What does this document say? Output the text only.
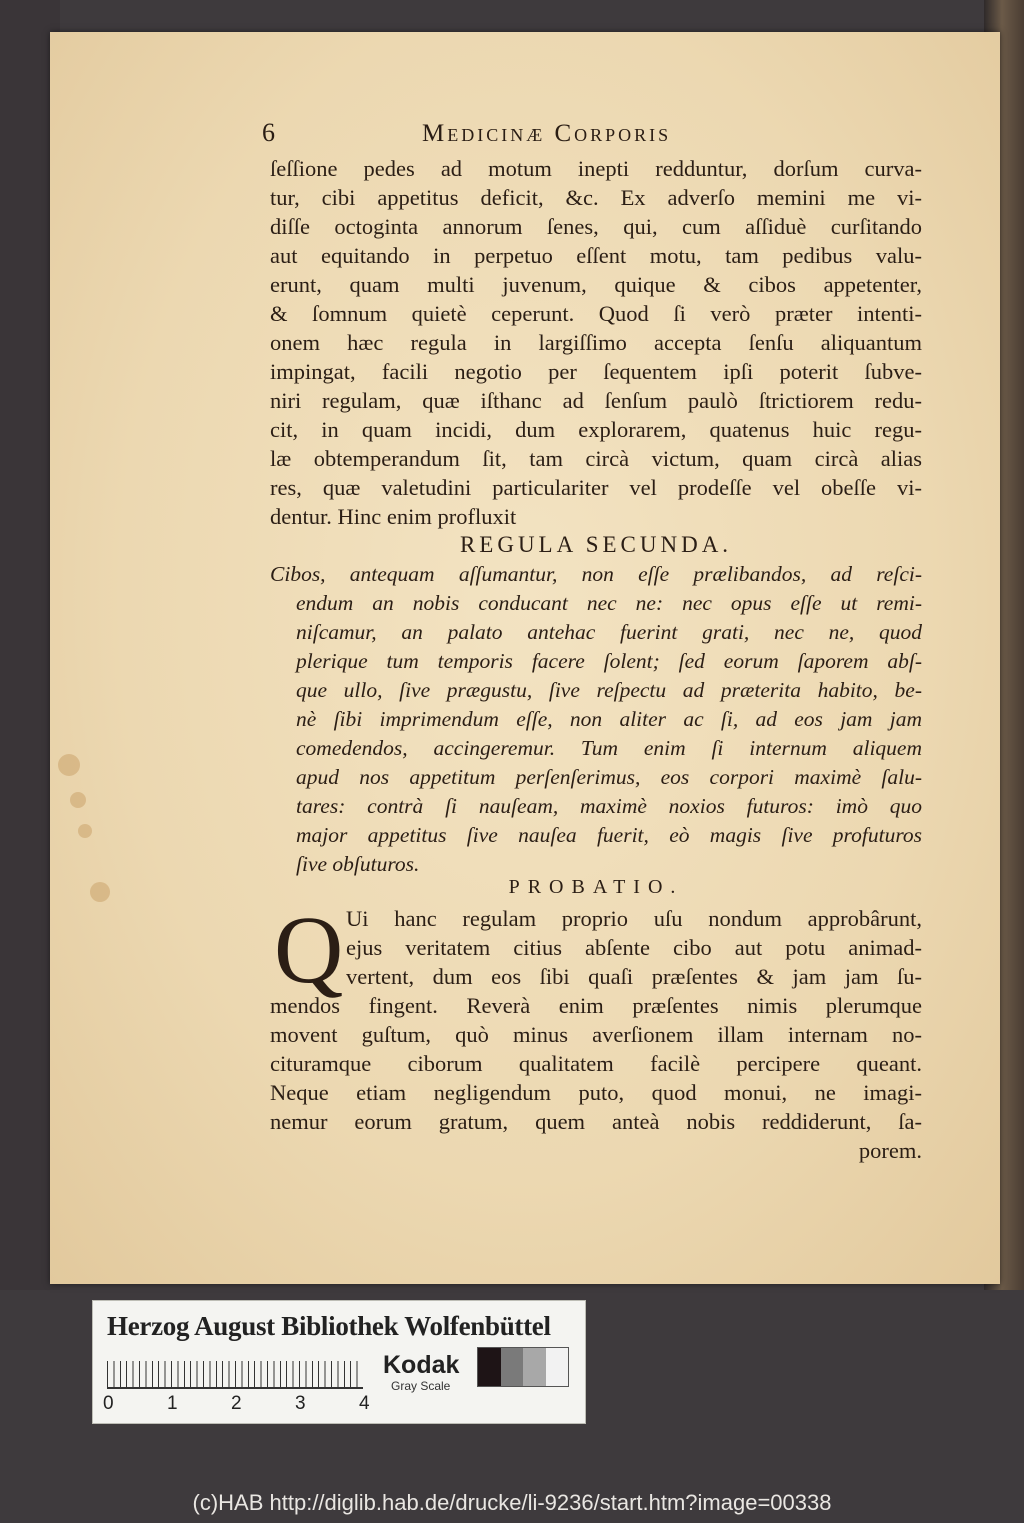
6	Medicinæ Corporis
ſeſſione pedes ad motum inepti redduntur, dorſum curva-
tur, cibi appetitus deficit, &c. Ex adverſo memini me vi-
diſſe octoginta annorum ſenes, qui, cum aſſiduè curſitando
aut equitando in perpetuo eſſent motu, tam pedibus valu-
erunt, quam multi juvenum, quique & cibos appetenter,
& ſomnum quietè ceperunt. Quod ſi verò præter intenti-
onem hæc regula in largiſſimo accepta ſenſu aliquantum
impingat, facili negotio per ſequentem ipſi poterit ſubve-
niri regulam, quæ iſthanc ad ſenſum paulò ſtrictiorem redu-
cit, in quam incidi, dum explorarem, quatenus huic regu-
læ obtemperandum ſit, tam circà victum, quam circà alias
res, quæ valetudini particulariter vel prodeſſe vel obeſſe vi-
dentur. Hinc enim profluxit
REGULA SECUNDA.
Cibos, antequam aſſumantur, non eſſe prælibandos, ad reſci-
endum an nobis conducant nec ne: nec opus eſſe ut remi-
niſcamur, an palato antehac fuerint grati, nec ne, quod
plerique tum temporis facere ſolent; ſed eorum ſaporem abſ-
que ullo, ſive prægustu, ſive reſpectu ad præterita habito, be-
nè ſibi imprimendum eſſe, non aliter ac ſi, ad eos jam jam
comedendos, accingeremur. Tum enim ſi internum aliquem
apud nos appetitum perſenſerimus, eos corpori maximè ſalu-
tares: contrà ſi nauſeam, maximè noxios futuros: imò quo
major appetitus ſive nauſea fuerit, eò magis ſive profuturos
ſive obſuturos.
PROBATIO.
Q Ui hanc regulam proprio uſu nondum approbârunt,
ejus veritatem citius abſente cibo aut potu animad-
vertent, dum eos ſibi quaſi præſentes & jam jam ſu-
mendos fingent. Reverà enim præſentes nimis plerumque
movent guſtum, quò minus averſionem illam internam no-
cituramque ciborum qualitatem facilè percipere queant.
Neque etiam negligendum puto, quod monui, ne imagi-
nemur eorum gratum, quem anteà nobis reddiderunt, ſa-
porem.
Herzog August Bibliothek Wolfenbüttel
0	1	2	3	4
Kodak
Gray Scale
(c)HAB http://diglib.hab.de/drucke/li-9236/start.htm?image=00338
